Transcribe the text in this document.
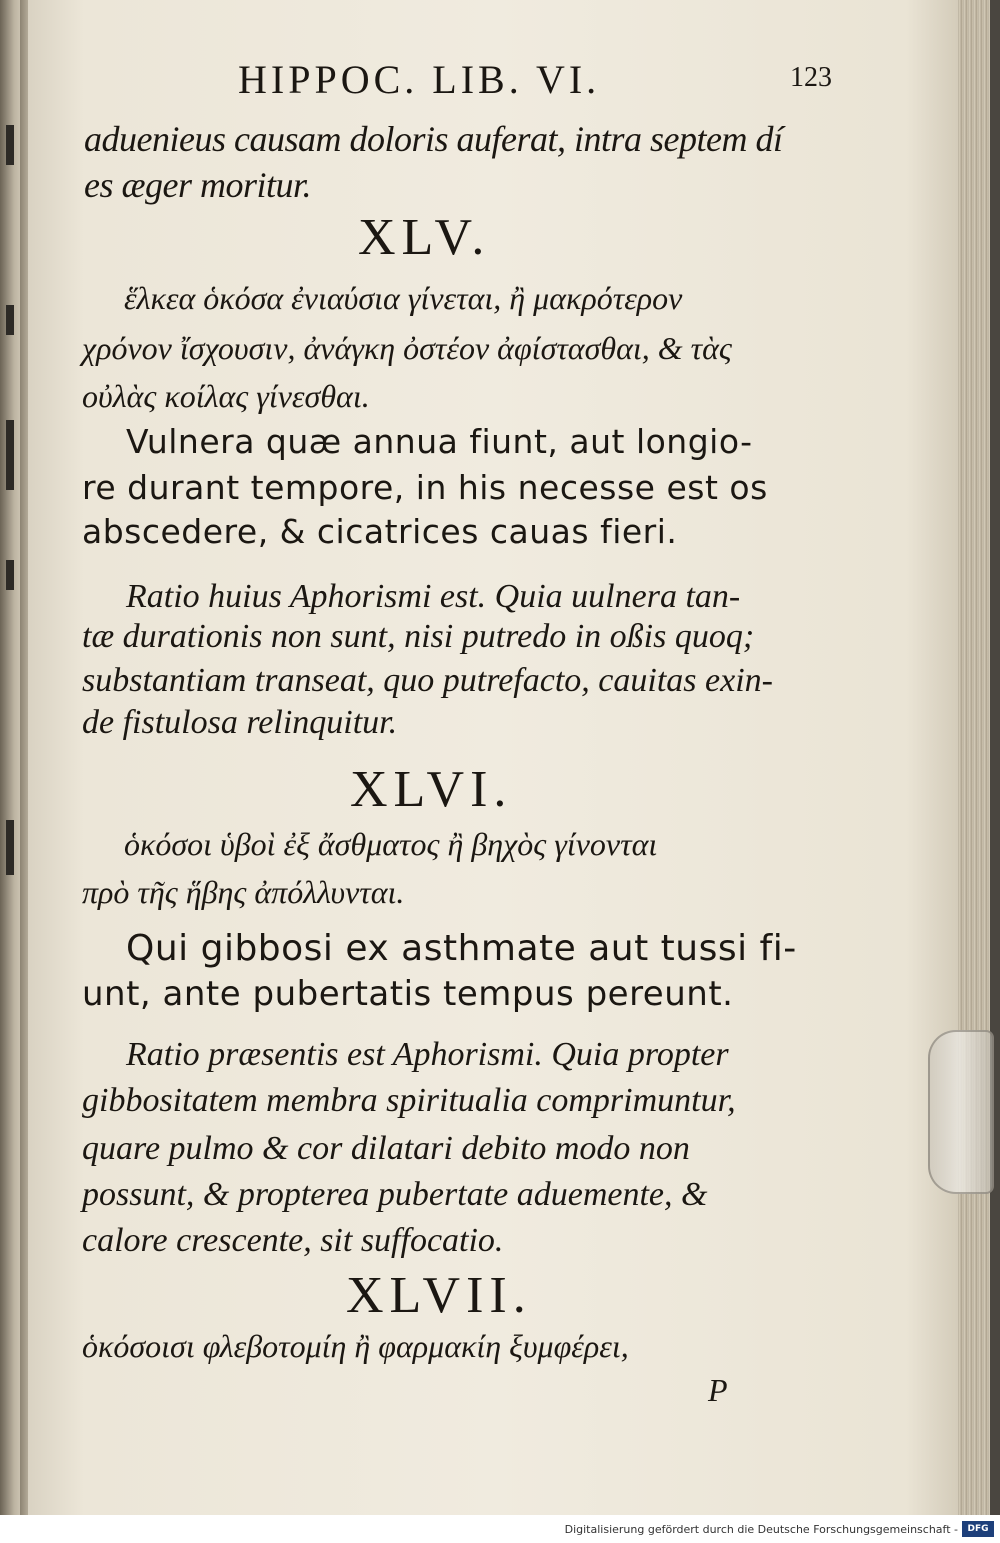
HIPPOC. LIB. VI.	123
aduenieus causam doloris auferat, intra septem dí
es æger moritur.
XLV.
ἕλκεα ὁκόσα ἐνιαύσια γίνεται, ἢ μακρότερον
χρόνον ἴσχουσιν, ἀνάγκη ὀστέον ἀφίστασθαι, & τὰς
οὐλὰς κοίλας γίνεσθαι.
Vulnera quæ annua fiunt, aut longio-
re durant tempore, in his necesse est os
abscedere, & cicatrices cauas fieri.
Ratio huius Aphorismi est. Quia uulnera tan-
tæ durationis non sunt, nisi putredo in oßis quoq;
substantiam transeat, quo putrefacto, cauitas exin-
de fistulosa relinquitur.
XLVI.
ὁκόσοι ὑβοὶ ἐξ ἄσθματος ἢ βηχὸς γίνονται
πρὸ τῆς ἥβης ἀπόλλυνται.
Qui gibbosi ex asthmate aut tussi fi-
unt, ante pubertatis tempus pereunt.
Ratio præsentis est Aphorismi. Quia propter
gibbositatem membra spiritualia comprimuntur,
quare pulmo & cor dilatari debito modo non
possunt, & propterea pubertate aduemente, &
calore crescente, sit suffocatio.
XLVII.
ὁκόσοισι φλεβοτομίη ἢ φαρμακίη ξυμφέρει,
P
Digitalisierung gefördert durch die Deutsche Forschungsgemeinschaft -	DFG
